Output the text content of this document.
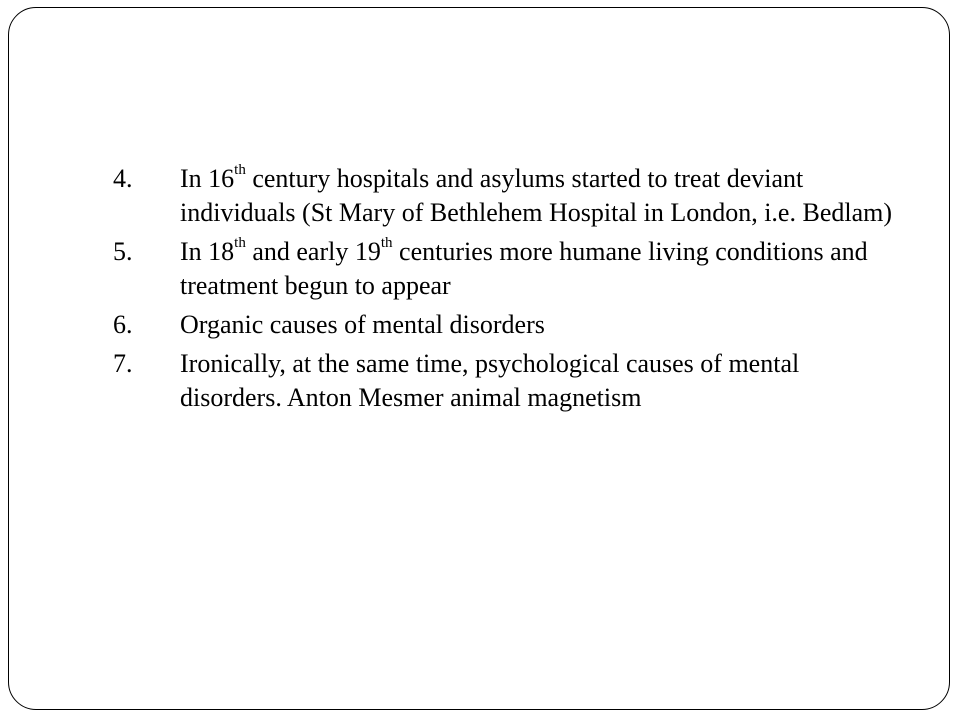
4.	In 16th century hospitals and asylums started to treat deviant individuals (St Mary of Bethlehem Hospital in London, i.e. Bedlam)
5.	In 18th and early 19th centuries more humane living conditions and treatment begun to appear
6.	Organic causes of mental disorders
7.	Ironically, at the same time, psychological causes of mental disorders. Anton Mesmer animal magnetism
